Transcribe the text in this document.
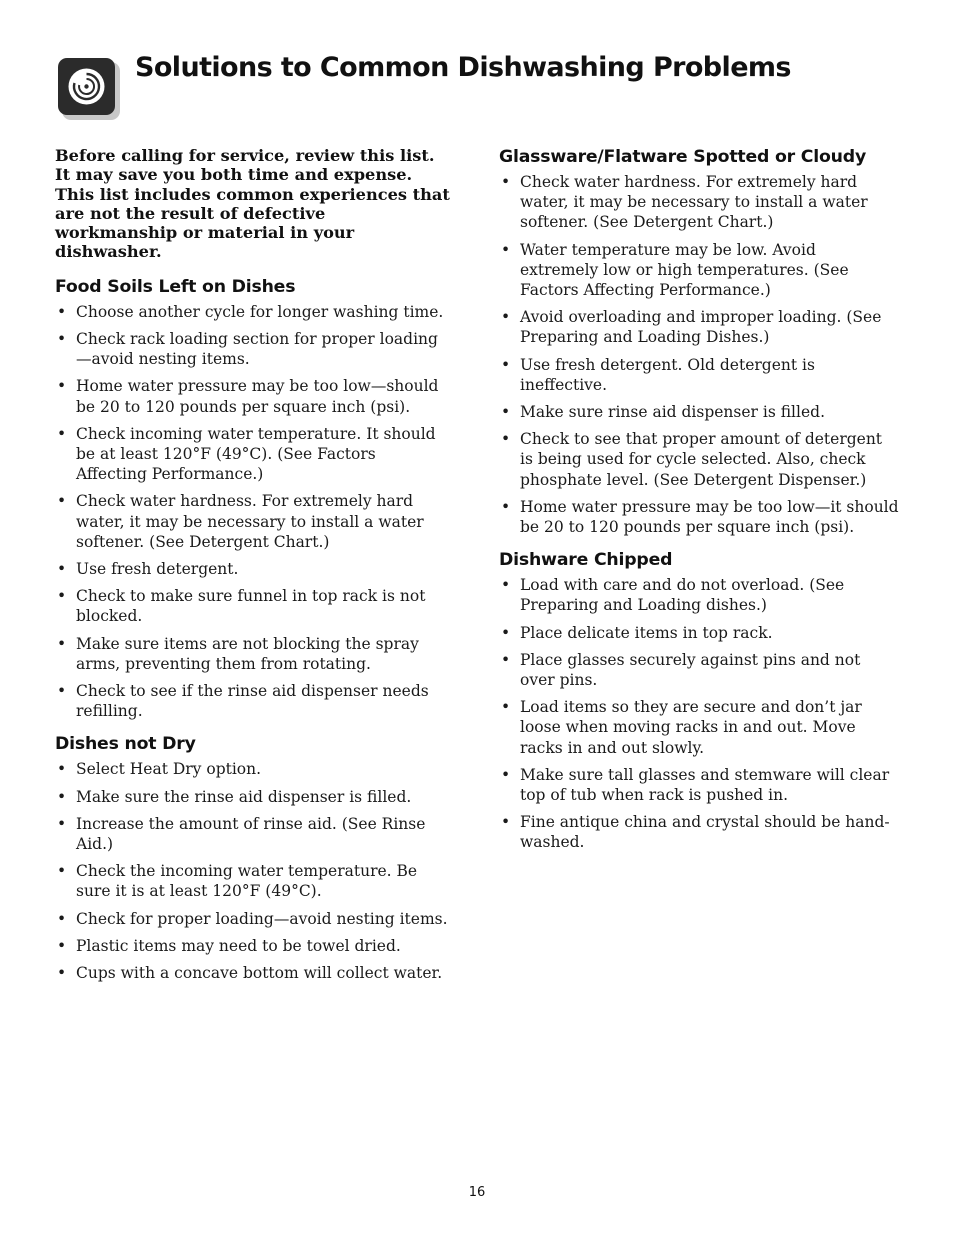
Solutions to Common Dishwashing Problems

Before calling for service, review this list. It may save you both time and expense. This list includes common experiences that are not the result of defective workmanship or material in your dishwasher.

Food Soils Left on Dishes
• Choose another cycle for longer washing time.
• Check rack loading section for proper loading—avoid nesting items.
• Home water pressure may be too low—should be 20 to 120 pounds per square inch (psi).
• Check incoming water temperature. It should be at least 120°F (49°C). (See Factors Affecting Performance.)
• Check water hardness. For extremely hard water, it may be necessary to install a water softener. (See Detergent Chart.)
• Use fresh detergent.
• Check to make sure funnel in top rack is not blocked.
• Make sure items are not blocking the spray arms, preventing them from rotating.
• Check to see if the rinse aid dispenser needs refilling.
Dishes not Dry
• Select Heat Dry option.
• Make sure the rinse aid dispenser is filled.
• Increase the amount of rinse aid. (See Rinse Aid.)
• Check the incoming water temperature. Be sure it is at least 120°F (49°C).
• Check for proper loading—avoid nesting items.
• Plastic items may need to be towel dried.
• Cups with a concave bottom will collect water.
Glassware/Flatware Spotted or Cloudy
• Check water hardness. For extremely hard water, it may be necessary to install a water softener. (See Detergent Chart.)
• Water temperature may be low. Avoid extremely low or high temperatures. (See Factors Affecting Performance.)
• Avoid overloading and improper loading. (See Preparing and Loading Dishes.)
• Use fresh detergent. Old detergent is ineffective.
• Make sure rinse aid dispenser is filled.
• Check to see that proper amount of detergent is being used for cycle selected. Also, check phosphate level. (See Detergent Dispenser.)
• Home water pressure may be too low—it should be 20 to 120 pounds per square inch (psi).
Dishware Chipped
• Load with care and do not overload. (See Preparing and Loading dishes.)
• Place delicate items in top rack.
• Place glasses securely against pins and not over pins.
• Load items so they are secure and don’t jar loose when moving racks in and out. Move racks in and out slowly.
• Make sure tall glasses and stemware will clear top of tub when rack is pushed in.
• Fine antique china and crystal should be hand-washed.
16
